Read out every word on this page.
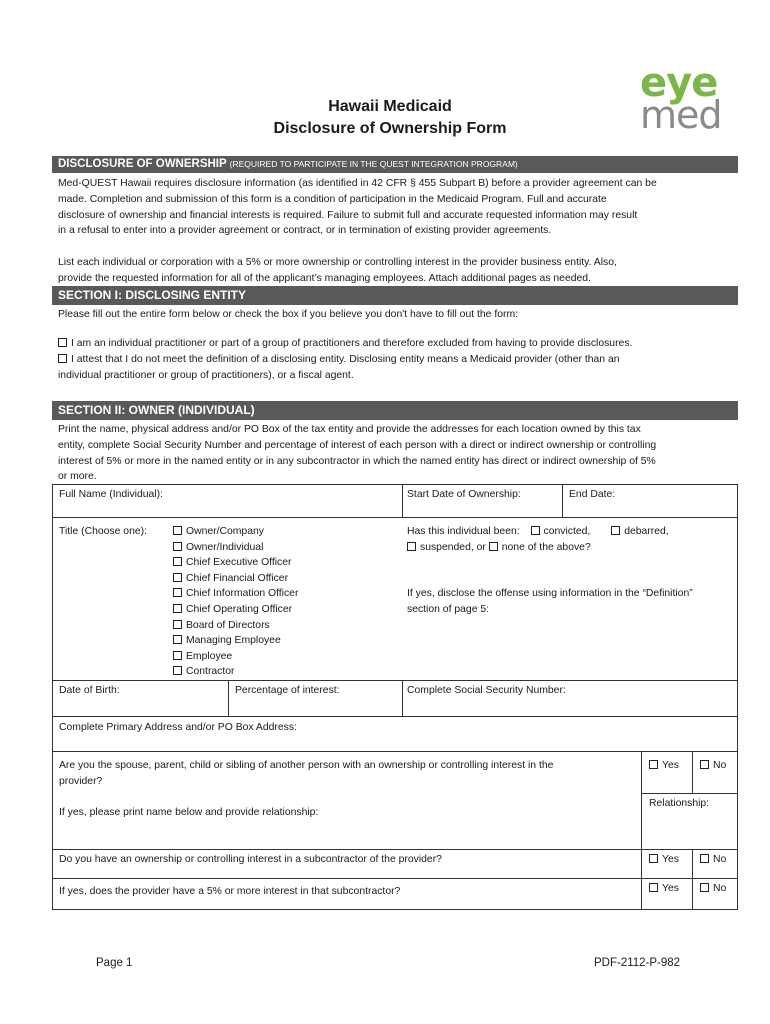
eye
med
Hawaii Medicaid
Disclosure of Ownership Form
DISCLOSURE OF OWNERSHIP (REQUIRED TO PARTICIPATE IN THE QUEST INTEGRATION PROGRAM)
Med-QUEST Hawaii requires disclosure information (as identified in 42 CFR § 455 Subpart B) before a provider agreement can be
made. Completion and submission of this form is a condition of participation in the Medicaid Program. Full and accurate
disclosure of ownership and financial interests is required. Failure to submit full and accurate requested information may result
in a refusal to enter into a provider agreement or contract, or in termination of existing provider agreements.
List each individual or corporation with a 5% or more ownership or controlling interest in the provider business entity. Also,
provide the requested information for all of the applicant’s managing employees. Attach additional pages as needed.
SECTION I: DISCLOSING ENTITY
Please fill out the entire form below or check the box if you believe you don't have to fill out the form:
I am an individual practitioner or part of a group of practitioners and therefore excluded from having to provide disclosures.
I attest that I do not meet the definition of a disclosing entity. Disclosing entity means a Medicaid provider (other than an
individual practitioner or group of practitioners), or a fiscal agent.
SECTION II: OWNER (INDIVIDUAL)
Print the name, physical address and/or PO Box of the tax entity and provide the addresses for each location owned by this tax
entity, complete Social Security Number and percentage of interest of each person with a direct or indirect ownership or controlling
interest of 5% or more in the named entity or in any subcontractor in which the named entity has direct or indirect ownership of 5%
or more.
Full Name (Individual):	Start Date of Ownership:	End Date:
Title (Choose one):	Owner/Company
Owner/Individual
Chief Executive Officer
Chief Financial Officer
Chief Information Officer
Chief Operating Officer
Board of Directors
Managing Employee
Employee
Contractor
Has this individual been: convicted,	debarred,
suspended, or none of the above?
If yes, disclose the offense using information in the “Definition”
section of page 5:
Date of Birth:	Percentage of interest:	Complete Social Security Number:
Complete Primary Address and/or PO Box Address:
Are you the spouse, parent, child or sibling of another person with an ownership or controlling interest in the
provider?
Yes	No
If yes, please print name below and provide relationship:
Relationship:
Do you have an ownership or controlling interest in a subcontractor of the provider?	Yes	No
If yes, does the provider have a 5% or more interest in that subcontractor?	Yes	No
Page 1	PDF-2112-P-982
